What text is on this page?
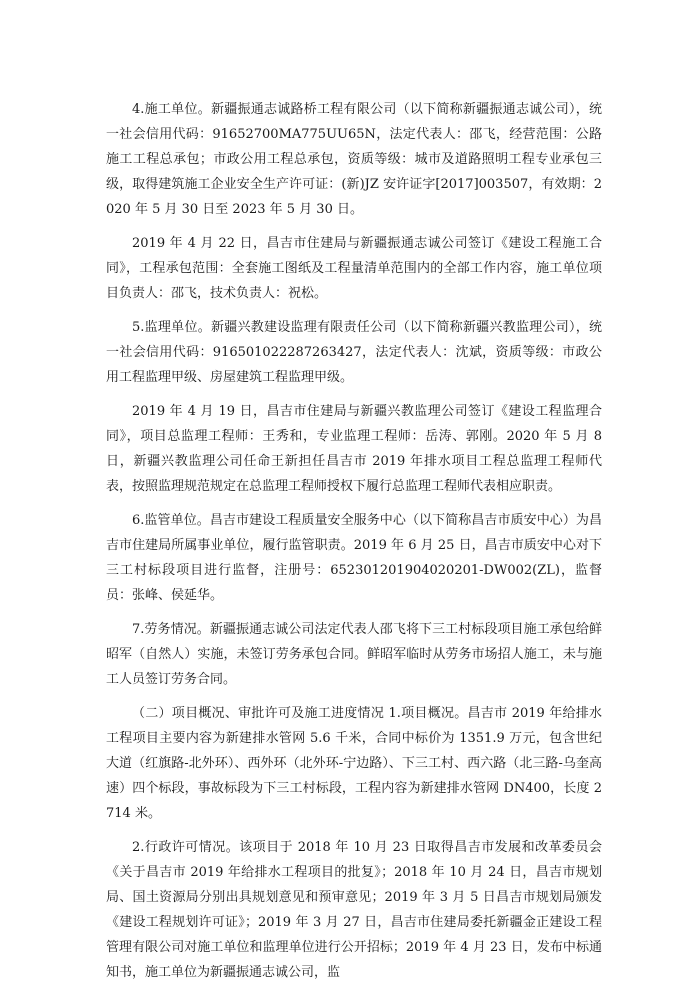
4.施工单位。新疆振通志诚路桥工程有限公司（以下简称新疆振通志诚公司），统一社会信用代码：91652700MA775UU65N，法定代表人：邵飞，经营范围：公路施工工程总承包；市政公用工程总承包，资质等级：城市及道路照明工程专业承包三级，取得建筑施工企业安全生产许可证：(新)JZ 安许证字[2017]003507，有效期：2020 年 5 月 30 日至 2023 年 5 月 30 日。

2019 年 4 月 22 日，昌吉市住建局与新疆振通志诚公司签订《建设工程施工合同》，工程承包范围：全套施工图纸及工程量清单范围内的全部工作内容，施工单位项目负责人：邵飞，技术负责人：祝松。

5.监理单位。新疆兴教建设监理有限责任公司（以下简称新疆兴教监理公司），统一社会信用代码：916501022287263427，法定代表人：沈斌，资质等级：市政公用工程监理甲级、房屋建筑工程监理甲级。

2019 年 4 月 19 日，昌吉市住建局与新疆兴教监理公司签订《建设工程监理合同》，项目总监理工程师：王秀和，专业监理工程师：岳涛、郭刚。2020 年 5 月 8 日，新疆兴教监理公司任命王新担任昌吉市 2019 年排水项目工程总监理工程师代表，按照监理规范规定在总监理工程师授权下履行总监理工程师代表相应职责。

6.监管单位。昌吉市建设工程质量安全服务中心（以下简称昌吉市质安中心）为昌吉市住建局所属事业单位，履行监管职责。2019 年 6 月 25 日，昌吉市质安中心对下三工村标段项目进行监督，注册号：652301201904020201-DW002(ZL)，监督员：张峰、侯延华。

7.劳务情况。新疆振通志诚公司法定代表人邵飞将下三工村标段项目施工承包给鲜昭军（自然人）实施，未签订劳务承包合同。鲜昭军临时从劳务市场招人施工，未与施工人员签订劳务合同。

（二）项目概况、审批许可及施工进度情况 1.项目概况。昌吉市 2019 年给排水工程项目主要内容为新建排水管网 5.6 千米，合同中标价为 1351.9 万元，包含世纪大道（红旗路-北外环）、西外环（北外环-宁边路）、下三工村、西六路（北三路-乌奎高速）四个标段，事故标段为下三工村标段，工程内容为新建排水管网 DN400，长度 2714 米。

2.行政许可情况。该项目于 2018 年 10 月 23 日取得昌吉市发展和改革委员会《关于昌吉市 2019 年给排水工程项目的批复》；2018 年 10 月 24 日，昌吉市规划局、国土资源局分别出具规划意见和预审意见；2019 年 3 月 5 日昌吉市规划局颁发《建设工程规划许可证》；2019 年 3 月 27 日，昌吉市住建局委托新疆金正建设工程管理有限公司对施工单位和监理单位进行公开招标；2019 年 4 月 23 日，发布中标通知书，施工单位为新疆振通志诚公司，监
